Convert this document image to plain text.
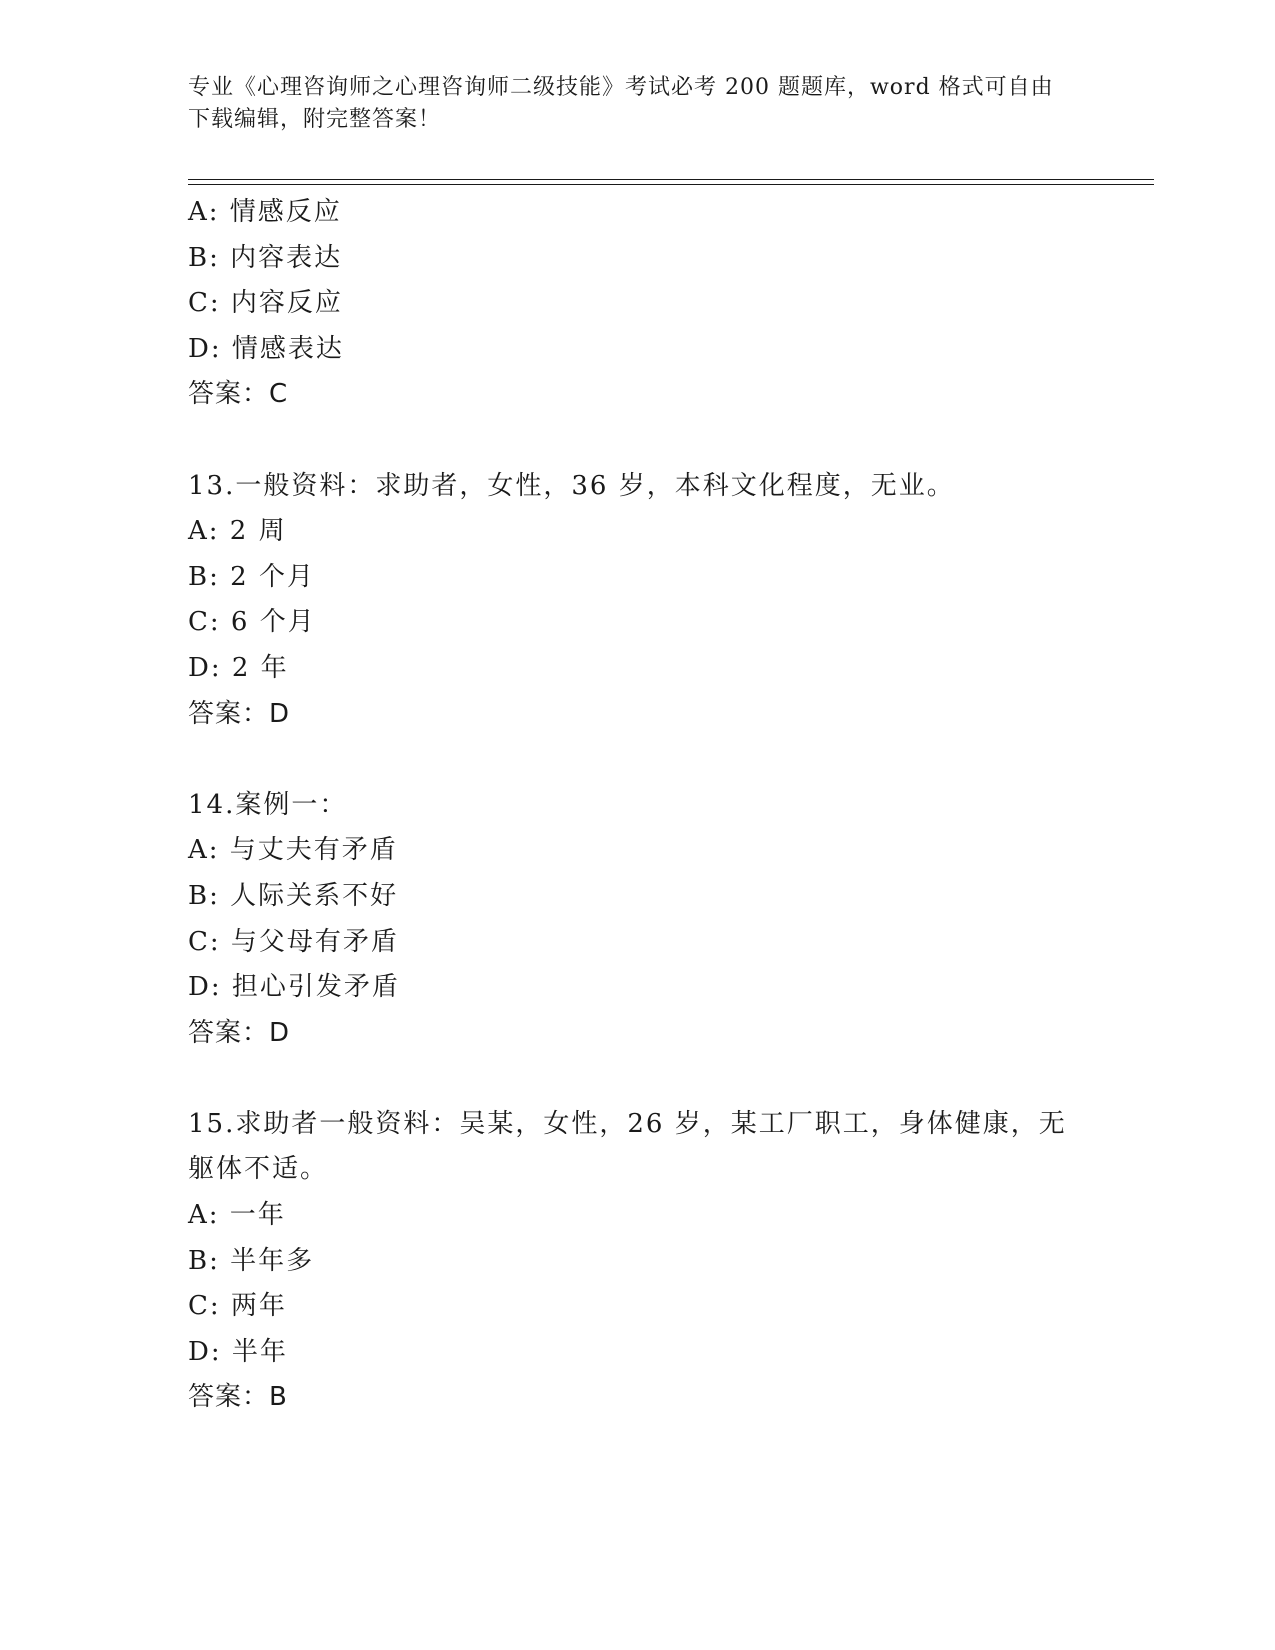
专业《心理咨询师之心理咨询师二级技能》考试必考 200 题题库，word 格式可自由下载编辑，附完整答案！
A: 情感反应
B: 内容表达
C: 内容反应
D: 情感表达
答案：C
13.一般资料：求助者，女性，36 岁，本科文化程度，无业。
A: 2 周
B: 2 个月
C: 6 个月
D: 2 年
答案：D
14.案例一：
A: 与丈夫有矛盾
B: 人际关系不好
C: 与父母有矛盾
D: 担心引发矛盾
答案：D
15.求助者一般资料：吴某，女性，26 岁，某工厂职工，身体健康，无
躯体不适。
A: 一年
B: 半年多
C: 两年
D: 半年
答案：B
